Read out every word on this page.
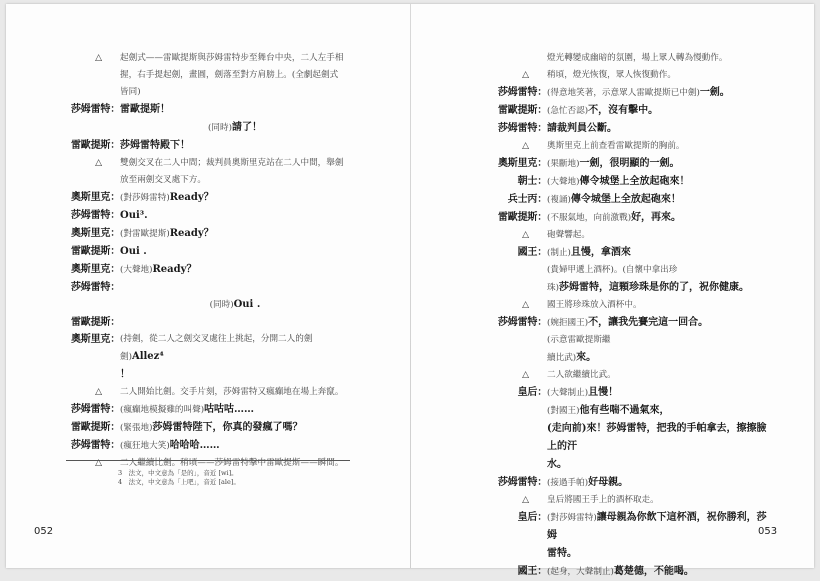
△	起劍式——雷歐提斯與莎姆雷特步至舞台中央，二人左手相
握，右手提起劍，畫圓，劍落至對方肩膀上。(全劇起劍式
皆同)
莎姆雷特： 雷歐提斯！
(同時)請了！
雷歐提斯： 莎姆雷特殿下！
△	雙劍交叉在二人中間；裁判員奧斯里克站在二人中間，舉劍
放至兩劍交叉處下方。
奧斯里克： (對莎姆雷特)Ready？
莎姆雷特： Oui³.
奧斯里克： (對雷歐提斯)Ready？
雷歐提斯： Oui .
奧斯里克： (大聲地)Ready？
莎姆雷特：
(同時)Oui .
雷歐提斯：
奧斯里克： (持劍，從二人之劍交叉處往上挑起，分開二人的劍劍)Allez⁴
！
△	二人開始比劍。交手片刻，莎姆雷特又瘋癲地在場上奔竄。
莎姆雷特： (瘋癲地模擬雞的叫聲)咕咕咕……
雷歐提斯： (緊張地)莎姆雷特陛下，你真的發瘋了嗎？
莎姆雷特： (瘋狂地大笑)哈哈哈……
△	二人繼續比劍。稍頃——莎姆雷特擊中雷歐提斯——瞬間。
3　法文，中文意為「是的」，音近 [wi]。
4　法文，中文意為「上吧」，音近 [ale]。
052
燈光轉變成幽暗的氛圍，場上眾人轉為慢動作。
△	稍頃，燈光恢復，眾人恢復動作。
莎姆雷特： (得意地笑著，示意眾人雷歐提斯已中劍)一劍。
雷歐提斯： (急忙否認)不，沒有擊中。
莎姆雷特： 請裁判員公斷。
△	奧斯里克上前查看雷歐提斯的胸前。
奧斯里克： (果斷地)一劍，很明顯的一劍。
朝士： (大聲地)傳令城堡上全放起砲來！
兵士丙： (複誦)傳令城堡上全放起砲來！
雷歐提斯： (不服氣地，向前激戰)好，再來。
△	砲聲響起。
國王： (制止)且慢，拿酒來
(貴婦甲遞上酒杯)。(自懷中拿出珍
珠)莎姆雷特，這顆珍珠是你的了，祝你健康。
△	國王將珍珠放入酒杯中。
莎姆雷特： (婉拒國王)不，讓我先賽完這一回合。
(示意雷歐提斯繼
續比武)來。
△	二人欲繼續比武。
皇后： (大聲制止)且慢！
(對國王)他有些喘不過氣來，
(走向前)來！莎姆雷特，把我的手帕拿去，擦擦臉上的汗
水。
莎姆雷特： (接過手帕)好母親。
△	皇后將國王手上的酒杯取走。
皇后： (對莎姆雷特)讓母親為你飲下這杯酒，祝你勝利，莎姆
雷特。
國王： (起身，大聲制止)葛楚德，不能喝。
053
